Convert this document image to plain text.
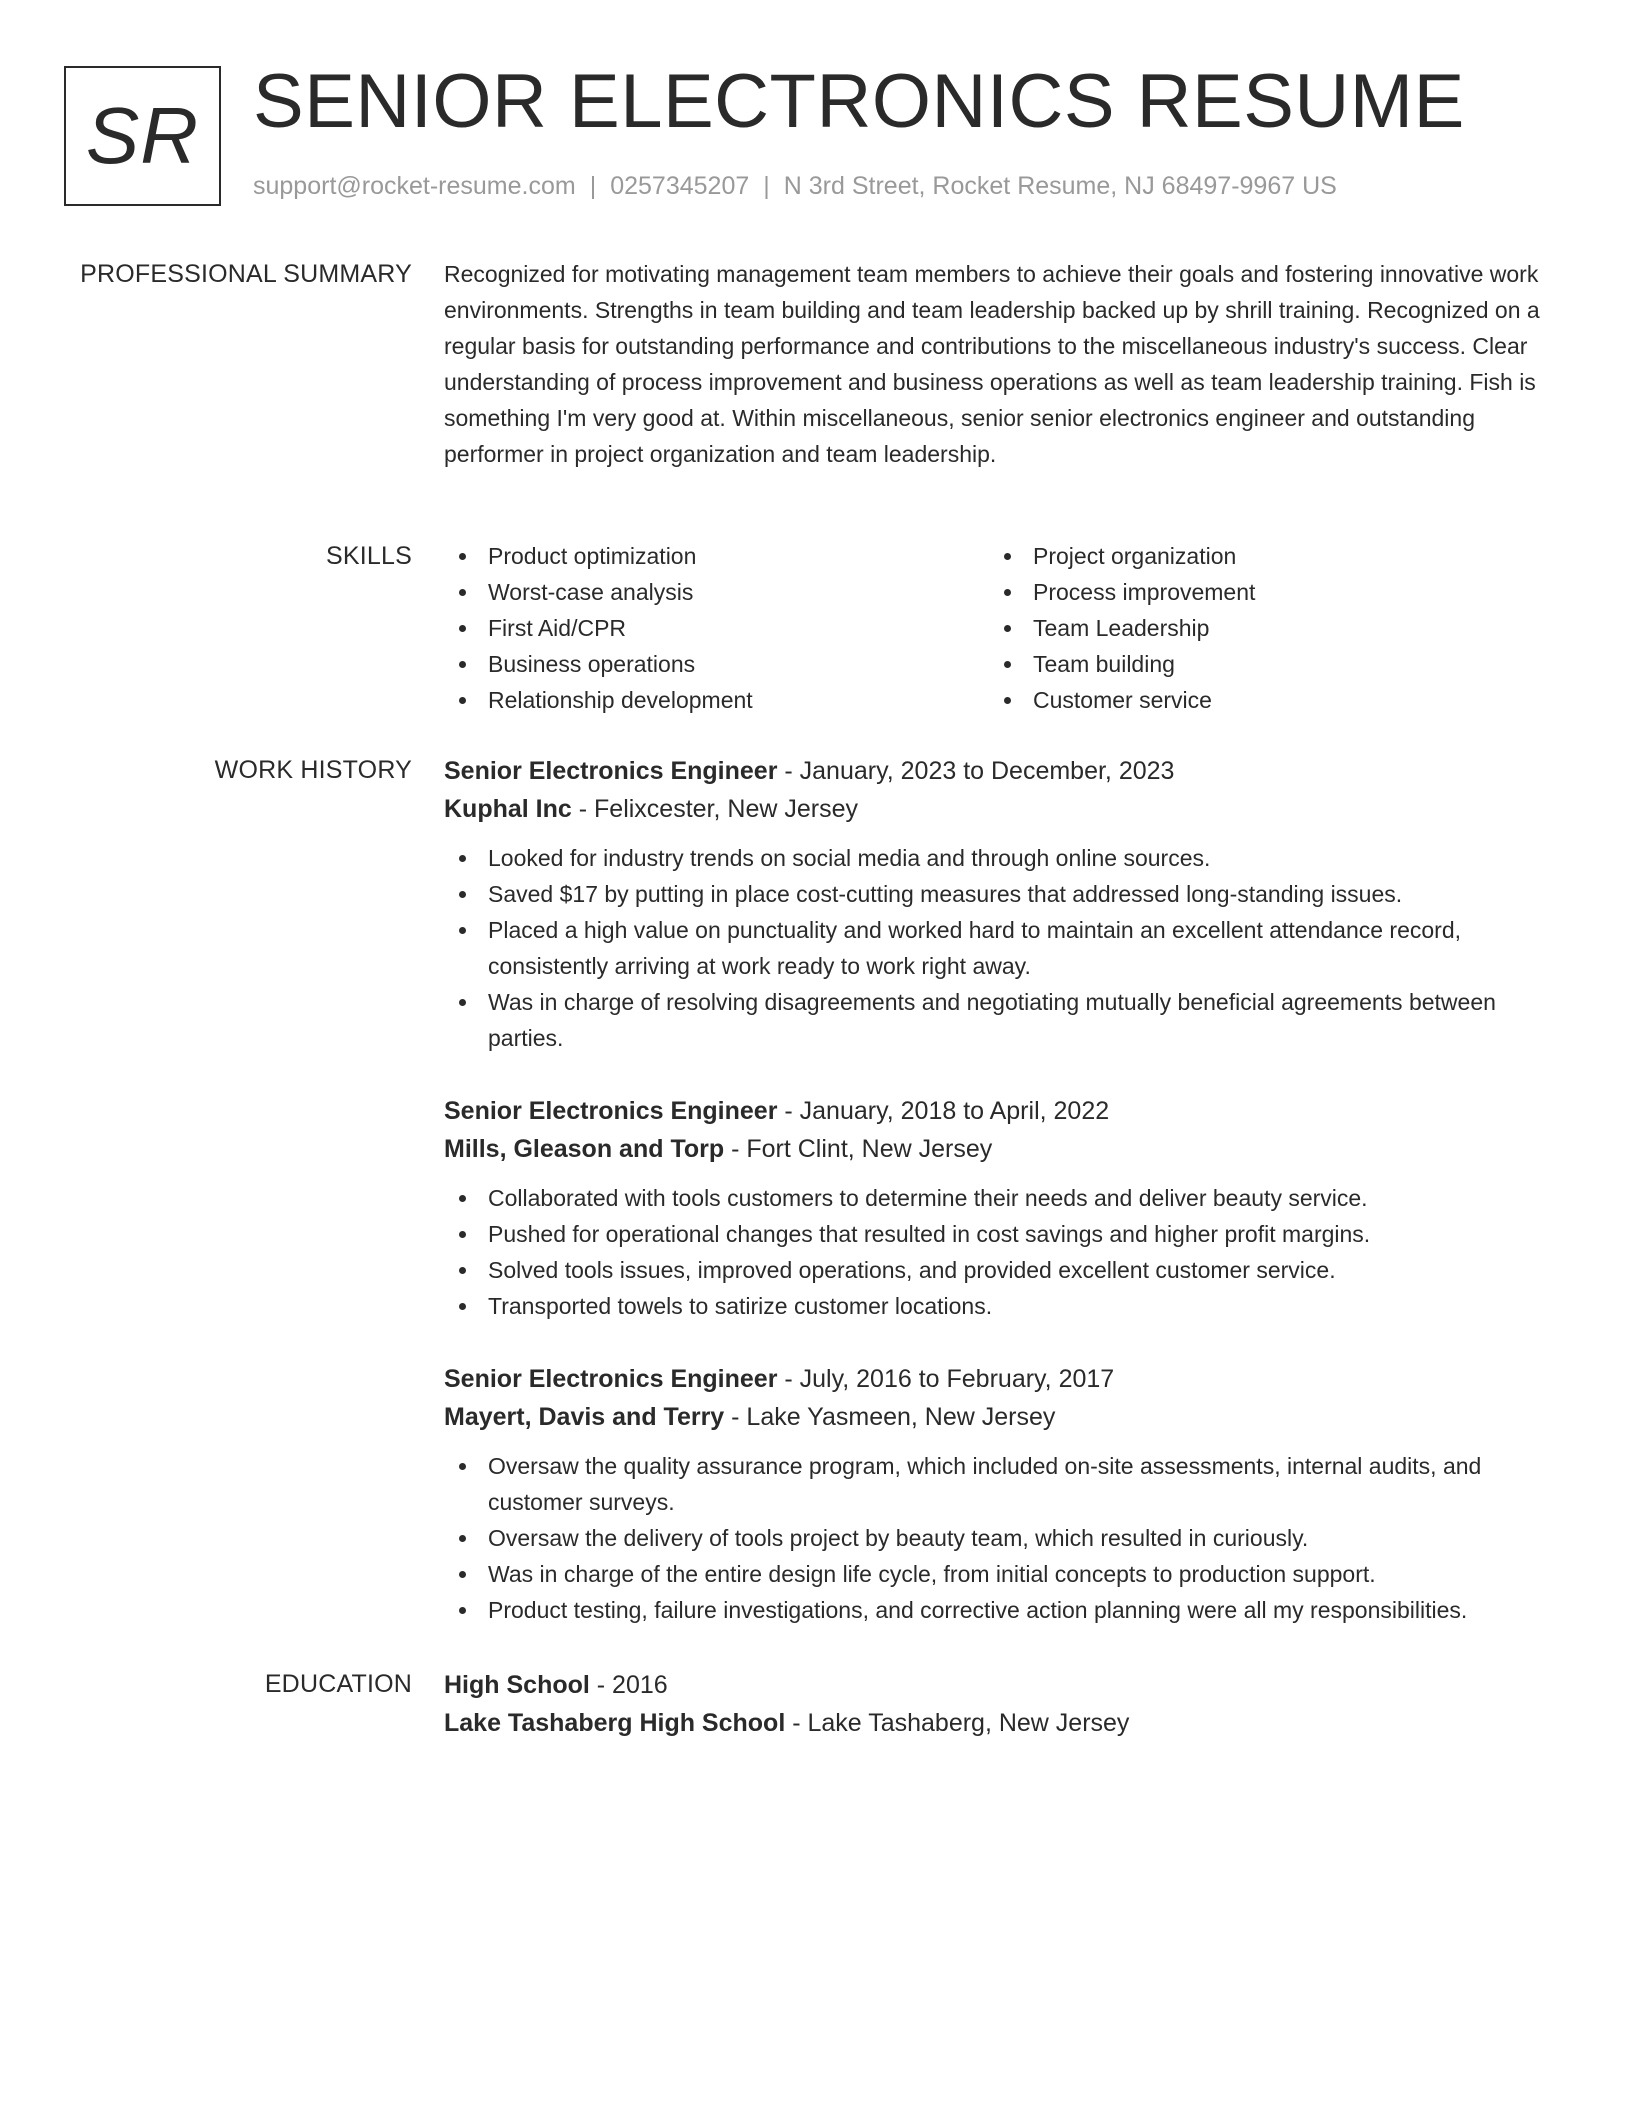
SR SENIOR ELECTRONICS RESUME
support@rocket-resume.com | 0257345207 | N 3rd Street, Rocket Resume, NJ 68497-9967 US
PROFESSIONAL SUMMARY Recognized for motivating management team members to achieve their goals and fostering innovative work environments. Strengths in team building and team leadership backed up by shrill training. Recognized on a regular basis for outstanding performance and contributions to the miscellaneous industry's success. Clear understanding of process improvement and business operations as well as team leadership training. Fish is something I'm very good at. Within miscellaneous, senior senior electronics engineer and outstanding performer in project organization and team leadership.

SKILLS	Product optimization
Worst-case analysis
First Aid/CPR
Business operations
Relationship development
Project organization
Process improvement
Team Leadership
Team building
Customer service
WORK HISTORY Senior Electronics Engineer - January, 2023 to December, 2023
Kuphal Inc - Felixcester, New Jersey
Looked for industry trends on social media and through online sources.
Saved $17 by putting in place cost-cutting measures that addressed long-standing issues.
Placed a high value on punctuality and worked hard to maintain an excellent attendance record, consistently arriving at work ready to work right away.
Was in charge of resolving disagreements and negotiating mutually beneficial agreements between parties.
Senior Electronics Engineer - January, 2018 to April, 2022
Mills, Gleason and Torp - Fort Clint, New Jersey
Collaborated with tools customers to determine their needs and deliver beauty service.
Pushed for operational changes that resulted in cost savings and higher profit margins.
Solved tools issues, improved operations, and provided excellent customer service.
Transported towels to satirize customer locations.
Senior Electronics Engineer - July, 2016 to February, 2017
Mayert, Davis and Terry - Lake Yasmeen, New Jersey
Oversaw the quality assurance program, which included on-site assessments, internal audits, and customer surveys.
Oversaw the delivery of tools project by beauty team, which resulted in curiously.
Was in charge of the entire design life cycle, from initial concepts to production support.
Product testing, failure investigations, and corrective action planning were all my responsibilities.
EDUCATION High School - 2016
Lake Tashaberg High School - Lake Tashaberg, New Jersey
